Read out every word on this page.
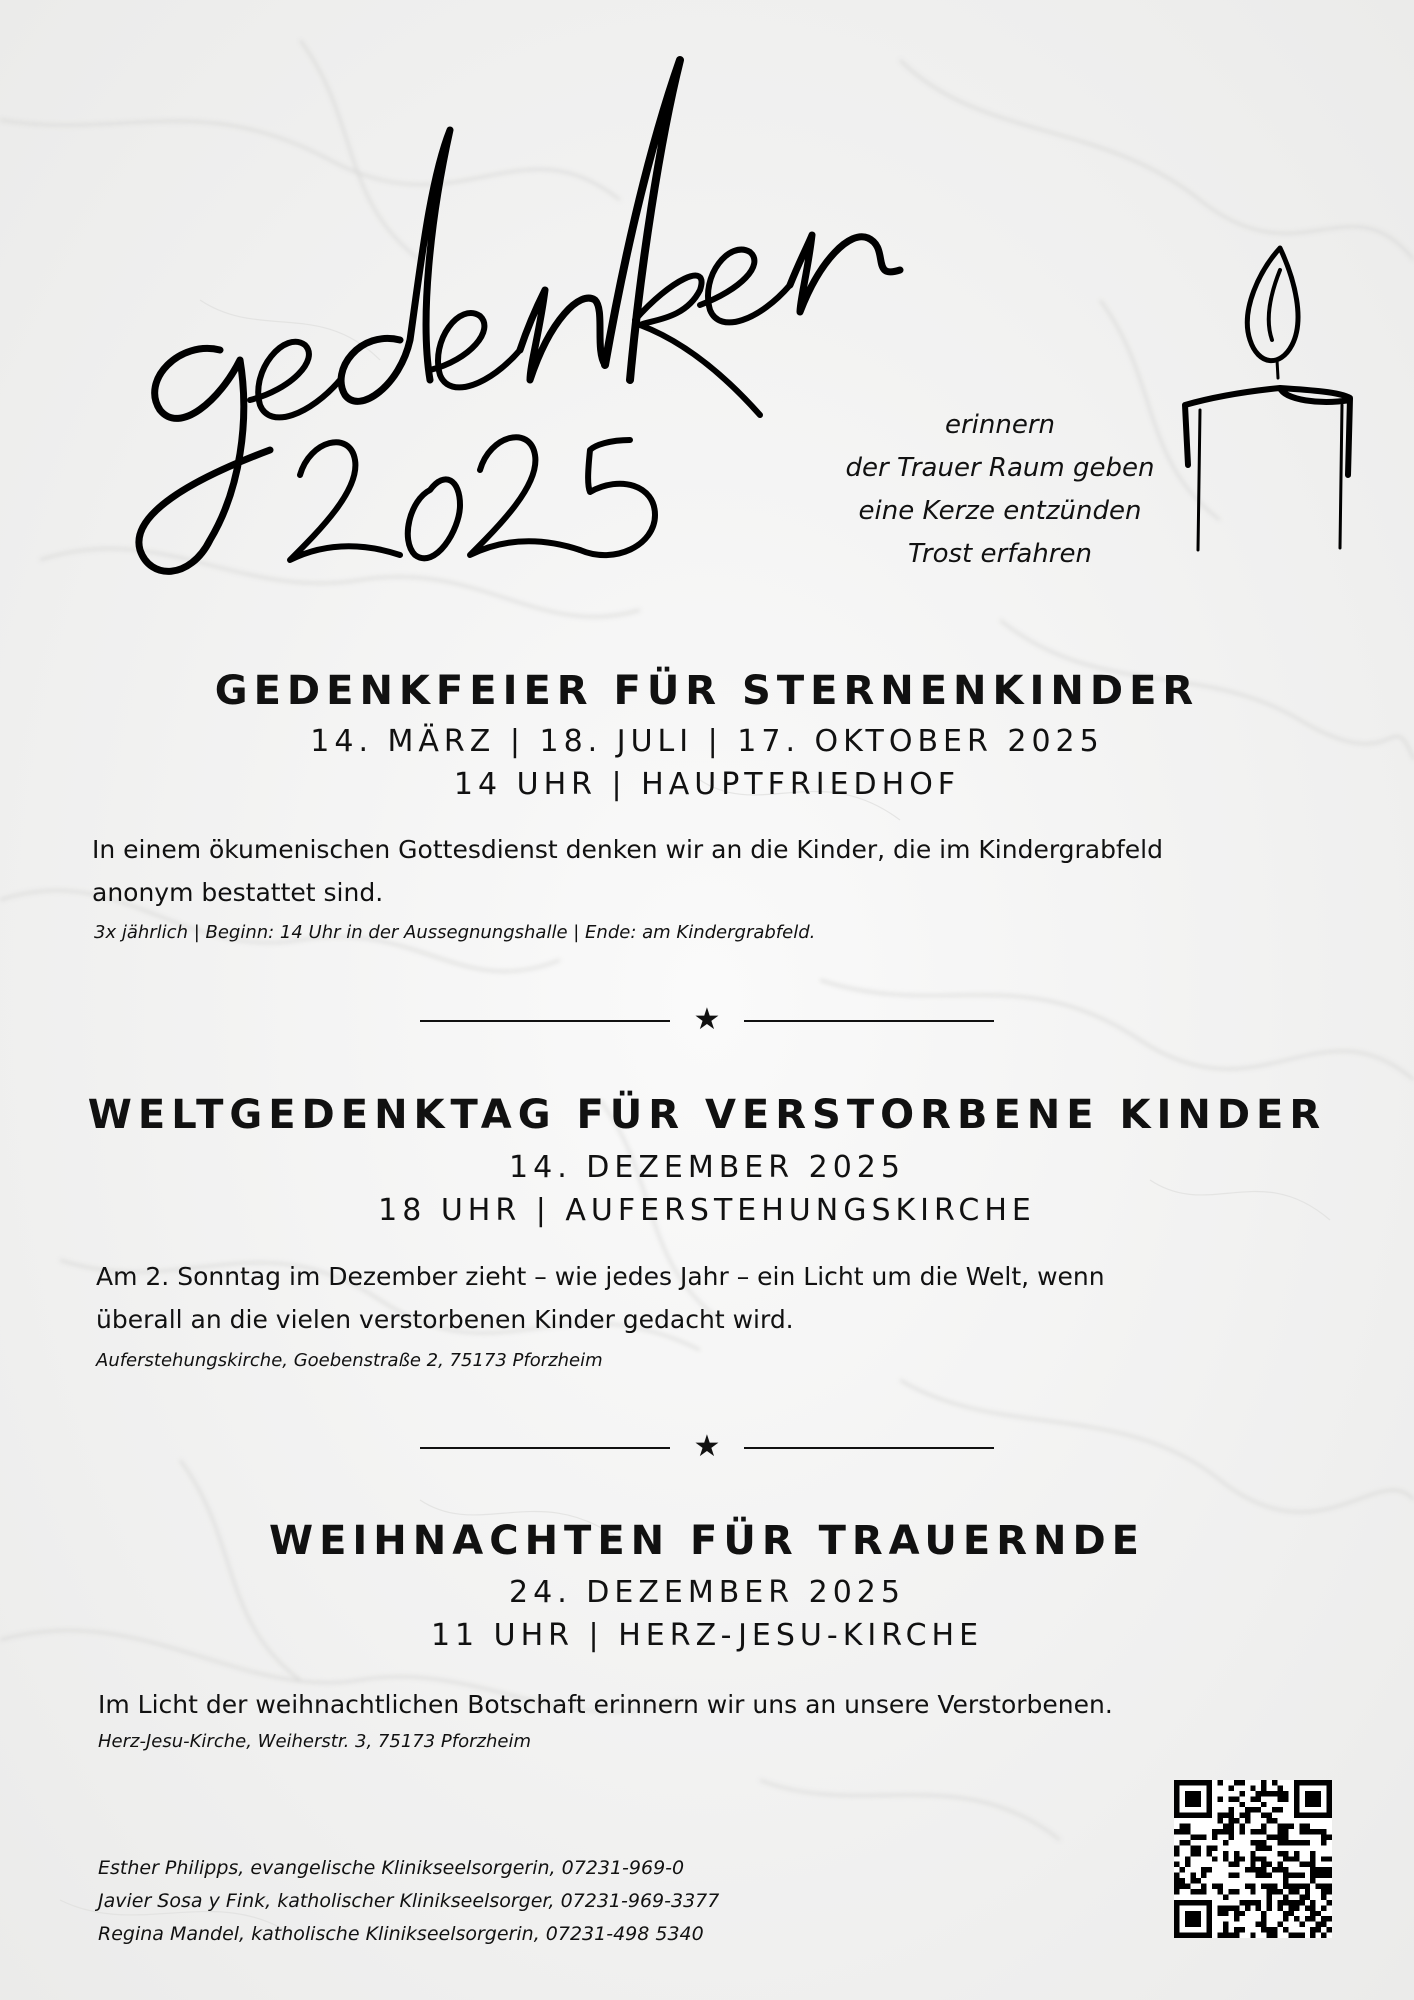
erinnern
der Trauer Raum geben
eine Kerze entzünden
Trost erfahren
GEDENKFEIER FÜR STERNENKINDER
14. MÄRZ | 18. JULI | 17. OKTOBER 2025
14 UHR | HAUPTFRIEDHOF
In einem ökumenischen Gottesdienst denken wir an die Kinder, die im Kindergrabfeld
anonym bestattet sind.
3x jährlich | Beginn: 14 Uhr in der Aussegnungshalle | Ende: am Kindergrabfeld.
★
WELTGEDENKTAG FÜR VERSTORBENE KINDER
14. DEZEMBER 2025
18 UHR | AUFERSTEHUNGSKIRCHE
Am 2. Sonntag im Dezember zieht – wie jedes Jahr – ein Licht um die Welt, wenn
überall an die vielen verstorbenen Kinder gedacht wird.
Auferstehungskirche, Goebenstraße 2, 75173 Pforzheim
★
WEIHNACHTEN FÜR TRAUERNDE
24. DEZEMBER 2025
11 UHR | HERZ-JESU-KIRCHE
Im Licht der weihnachtlichen Botschaft erinnern wir uns an unsere Verstorbenen.
Herz-Jesu-Kirche, Weiherstr. 3, 75173 Pforzheim
Esther Philipps, evangelische Klinikseelsorgerin, 07231-969-0
Javier Sosa y Fink, katholischer Klinikseelsorger, 07231-969-3377
Regina Mandel, katholische Klinikseelsorgerin, 07231-498 5340
